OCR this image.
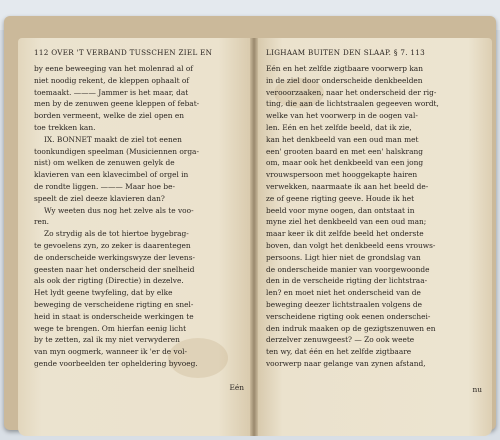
112 OVER 'T VERBAND TUSSCHEN ZIEL EN
by eene beweeging van het molenrad al of
niet noodig rekent, de kleppen ophaalt of
toemaakt. ——— Jammer is het maar, dat
men by de zenuwen geene kleppen of febat-
borden vermeent, welke de ziel open en
toe trekken kan.
IX. BONNET maakt de ziel tot eenen
toonkundigen speelman (Musiciennen orga-
nist) om welken de zenuwen gelyk de
klavieren van een klavecimbel of orgel in
de rondte liggen. ——— Maar hoe be-
speelt de ziel deeze klavieren dan?
Wy weeten dus nog het zelve als te voo-
ren.
Zo strydig als de tot hiertoe bygebrag-
te gevoelens zyn, zo zeker is daarentegen
de onderscheide werkingswyze der levens-
geesten naar het onderscheid der snelheid
als ook der rigting (Directie) in dezelve.
Het lydt geene twyfeling, dat by elke
beweging de verscheidene rigting en snel-
heid in staat is onderscheide werkingen te
wege te brengen. Om hierfan eenig licht
by te zetten, zal ik my niet verwyderen
van myn oogmerk, wanneer ik 'er de vol-
gende voorbeelden ter opheldering byvoeg.
Eén
LIGHAAM BUITEN DEN SLAAP. § 7. 113
Eén en het zelfde zigtbaare voorwerp kan
in de ziel door onderscheide denkbeelden
verooorzaaken, naar het onderscheid der rig-
ting, die aan de lichtstraalen gegeeven wordt,
welke van het voorwerp in de oogen val-
len. Eén en het zelfde beeld, dat ik zie,
kan het denkbeeld van een oud man met
een' grooten baard en met een' halskrang
om, maar ook het denkbeeld van een jong
vrouwspersoon met hooggekapte hairen
verwekken, naarmaate ik aan het beeld de-
ze of geene rigting geeve. Houde ik het
beeld voor myne oogen, dan ontstaat in
myne ziel het denkbeeld van een oud man;
maar keer ik dit zelfde beeld het onderste
boven, dan volgt het denkbeeld eens vrouws-
persoons. Ligt hier niet de grondslag van
de onderscheide manier van voorgewoonde
den in de verscheide rigting der lichtstraa-
len? en moet niet het onderscheid van de
beweging deezer lichtstraalen volgens de
verscheidene rigting ook eenen onderschei-
den indruk maaken op de gezigtszenuwen en
derzelver zenuwgeest? — Zo ook weete
ten wy, dat één en het zelfde zigtbaare
voorwerp naar gelange van zynen afstand,
nu
